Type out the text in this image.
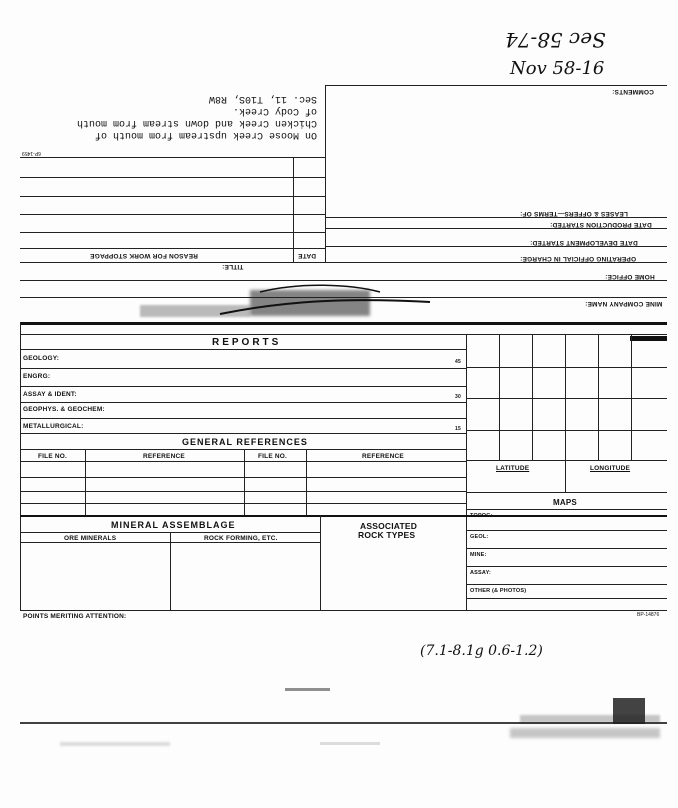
Sec 58-74
Nov 58-16
COMMENTS:
LEASES & OFFERS—TERMS OF:
DATE PRODUCTION STARTED:
DATE DEVELOPMENT STARTED:
OPERATING OFFICIAL IN CHARGE:
TITLE:
HOME OFFICE:
MINE COMPANY NAME:
DATE
REASON FOR WORK STOPPAGE
6P-1459
On Moose Creek upstream from mouth of
Chicken Creek and down stream from mouth
of Cody Creek.
Sec. 11, T10S, R8W
REPORTS
GEOLOGY:	45
ENGRG:
ASSAY & IDENT:	30
GEOPHYS. & GEOCHEM:
METALLURGICAL:	15
GENERAL REFERENCES
FILE NO.	REFERENCE	FILE NO.	REFERENCE
LATITUDE	LONGITUDE
MAPS
TOPOG:
GEOL:
MINE:
ASSAY:
OTHER (& PHOTOS)
MINERAL ASSEMBLAGE
ORE MINERALS	ROCK FORMING, ETC.
ASSOCIATED
ROCK TYPES
POINTS MERITING ATTENTION:	BP-14876
(7.1-8.1g 0.6-1.2)
